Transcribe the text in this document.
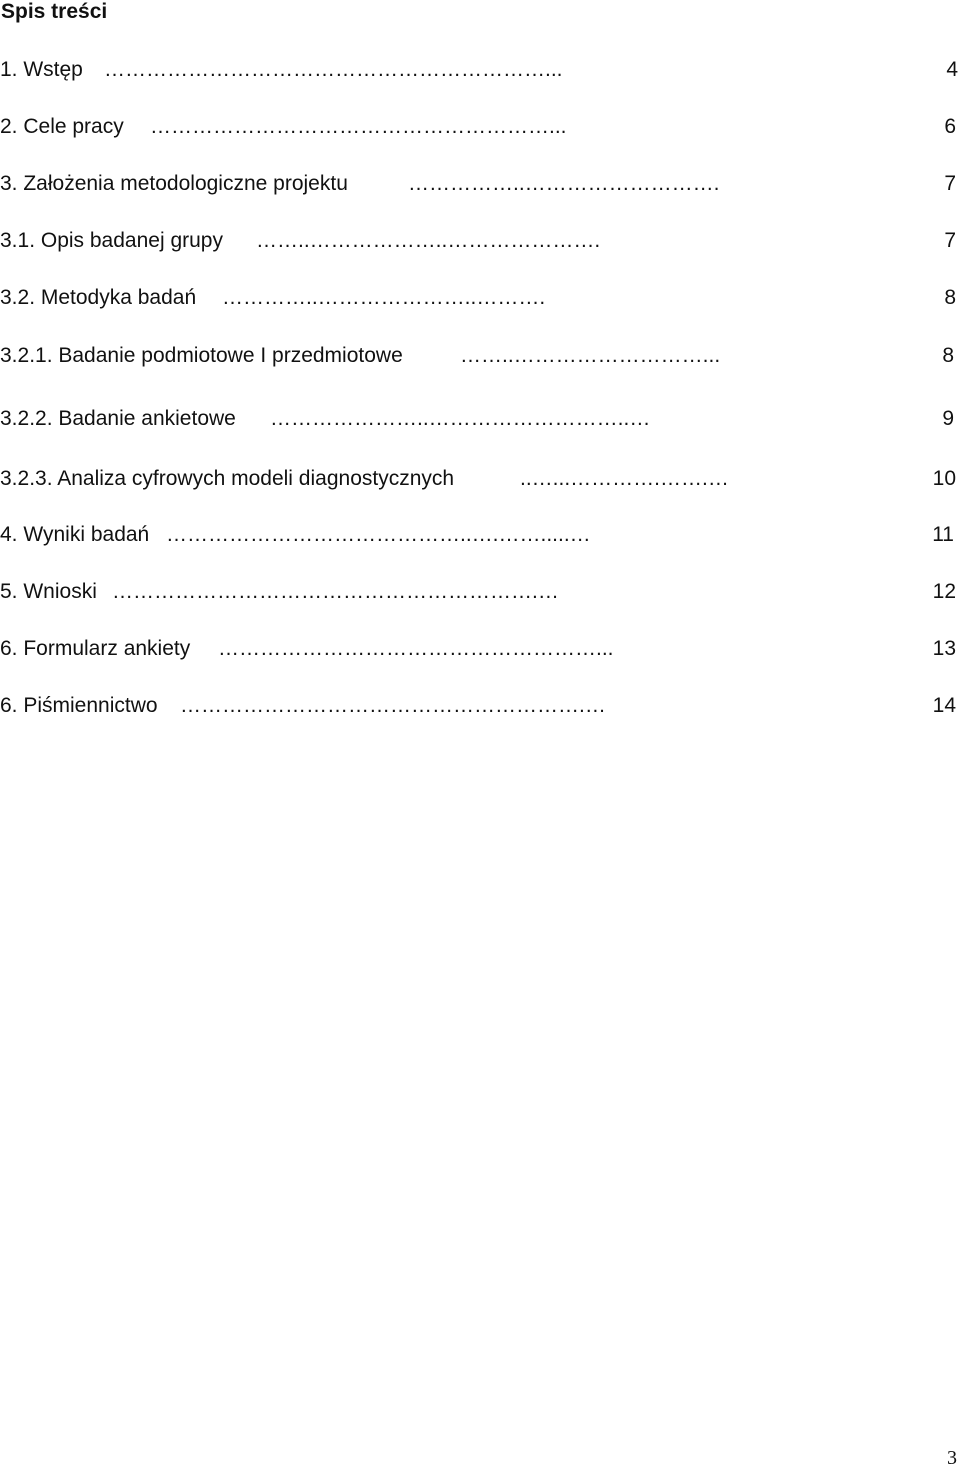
Spis treści
………………………………………………………...
1. Wstęp	4
…………………………………………………...
2. Cele pracy	6
……………..……………………….
3. Założenia metodologiczne projektu	7
……..………………..………………….
3.1. Opis badanej grupy	7
…………..…………………..……….
3.2. Metodyka badań	8
……..………………………...
3.2.1. Badanie podmiotowe I przedmiotowe	8
…………………..………………………..…
3.2.2. Badanie ankietowe	9
..…...………….…….…
3.2.3. Analiza cyfrowych modeli diagnostycznych	10
……………………………………..….…….....…
4. Wyniki badań	11
…………………………………………………….…
5. Wnioski	12
………………………………………………...
6. Formularz ankiety	13
………………………………………………….…
6. Piśmiennictwo	14
3
